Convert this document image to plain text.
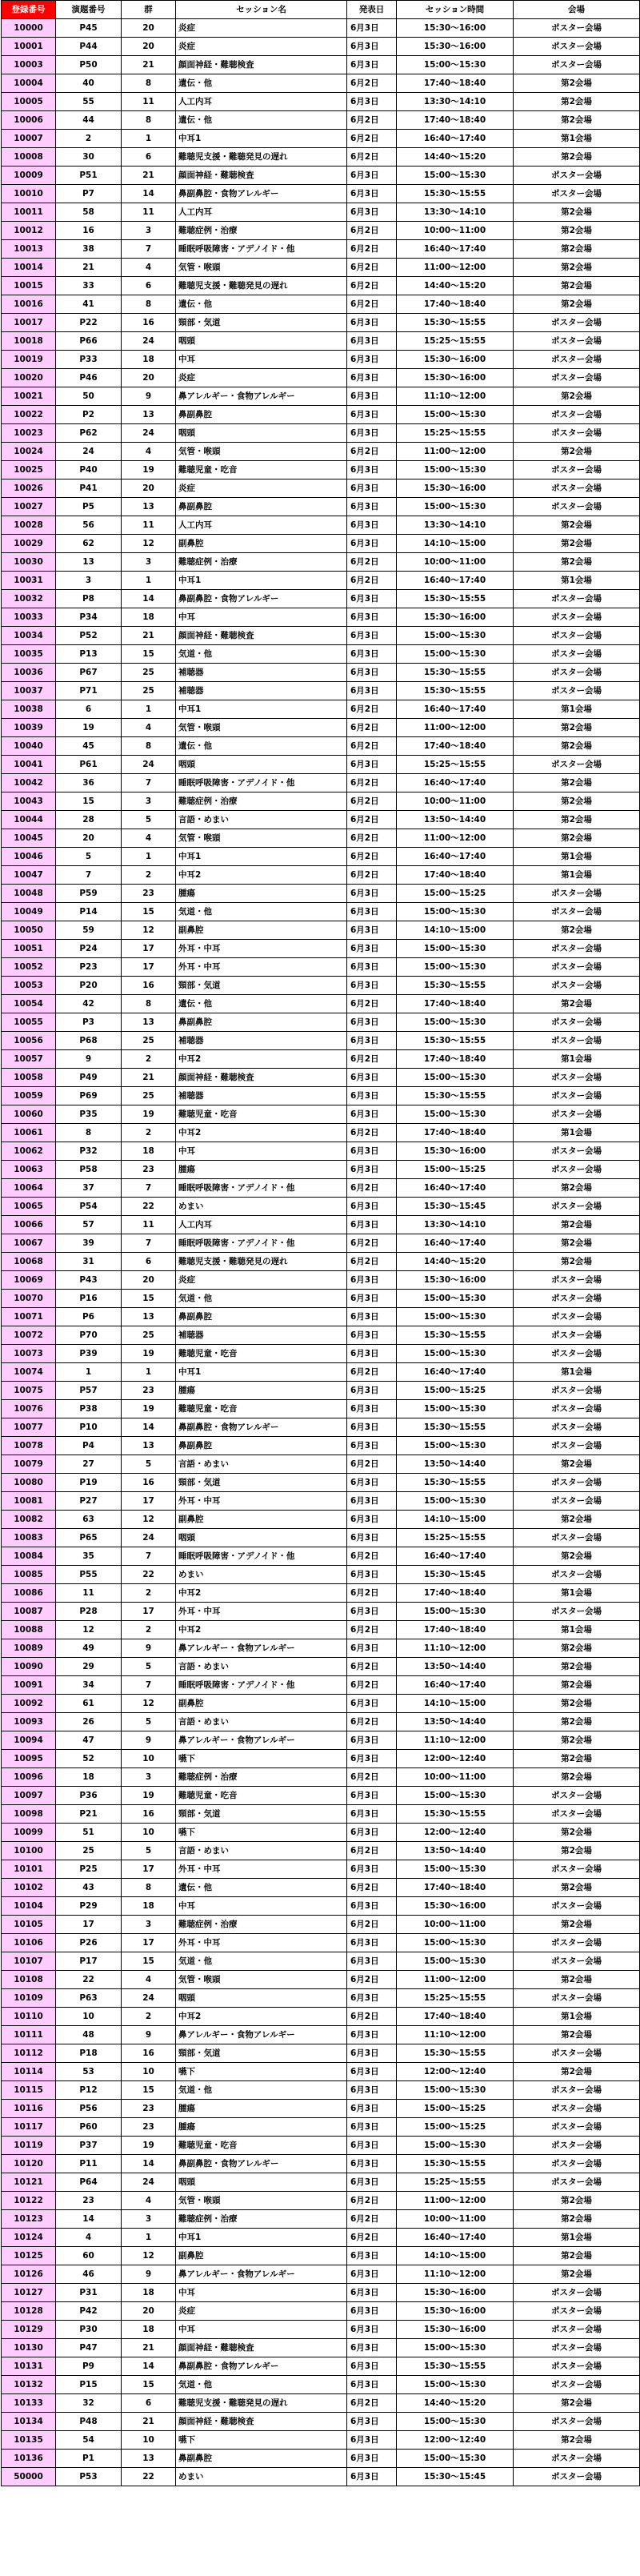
登録番号	演題番号	群	セッション名	発表日	セッション時間	会場
10000	P45	20	炎症	6月3日	15:30〜16:00	ポスター会場
10001	P44	20	炎症	6月3日	15:30〜16:00	ポスター会場
10003	P50	21	顔面神経・難聴検査	6月3日	15:00〜15:30	ポスター会場
10004	40	8	遺伝・他	6月2日	17:40〜18:40	第2会場
10005	55	11	人工内耳	6月3日	13:30〜14:10	第2会場
10006	44	8	遺伝・他	6月2日	17:40〜18:40	第2会場
10007	2	1	中耳1	6月2日	16:40〜17:40	第1会場
10008	30	6	難聴児支援・難聴発見の遅れ	6月2日	14:40〜15:20	第2会場
10009	P51	21	顔面神経・難聴検査	6月3日	15:00〜15:30	ポスター会場
10010	P7	14	鼻副鼻腔・食物アレルギー	6月3日	15:30〜15:55	ポスター会場
10011	58	11	人工内耳	6月3日	13:30〜14:10	第2会場
10012	16	3	難聴症例・治療	6月2日	10:00〜11:00	第2会場
10013	38	7	睡眠呼吸障害・アデノイド・他	6月2日	16:40〜17:40	第2会場
10014	21	4	気管・喉頭	6月2日	11:00〜12:00	第2会場
10015	33	6	難聴児支援・難聴発見の遅れ	6月2日	14:40〜15:20	第2会場
10016	41	8	遺伝・他	6月2日	17:40〜18:40	第2会場
10017	P22	16	頸部・気道	6月3日	15:30〜15:55	ポスター会場
10018	P66	24	咽頭	6月3日	15:25〜15:55	ポスター会場
10019	P33	18	中耳	6月3日	15:30〜16:00	ポスター会場
10020	P46	20	炎症	6月3日	15:30〜16:00	ポスター会場
10021	50	9	鼻アレルギー・食物アレルギー	6月3日	11:10〜12:00	第2会場
10022	P2	13	鼻副鼻腔	6月3日	15:00〜15:30	ポスター会場
10023	P62	24	咽頭	6月3日	15:25〜15:55	ポスター会場
10024	24	4	気管・喉頭	6月2日	11:00〜12:00	第2会場
10025	P40	19	難聴児童・吃音	6月3日	15:00〜15:30	ポスター会場
10026	P41	20	炎症	6月3日	15:30〜16:00	ポスター会場
10027	P5	13	鼻副鼻腔	6月3日	15:00〜15:30	ポスター会場
10028	56	11	人工内耳	6月3日	13:30〜14:10	第2会場
10029	62	12	副鼻腔	6月3日	14:10〜15:00	第2会場
10030	13	3	難聴症例・治療	6月2日	10:00〜11:00	第2会場
10031	3	1	中耳1	6月2日	16:40〜17:40	第1会場
10032	P8	14	鼻副鼻腔・食物アレルギー	6月3日	15:30〜15:55	ポスター会場
10033	P34	18	中耳	6月3日	15:30〜16:00	ポスター会場
10034	P52	21	顔面神経・難聴検査	6月3日	15:00〜15:30	ポスター会場
10035	P13	15	気道・他	6月3日	15:00〜15:30	ポスター会場
10036	P67	25	補聴器	6月3日	15:30〜15:55	ポスター会場
10037	P71	25	補聴器	6月3日	15:30〜15:55	ポスター会場
10038	6	1	中耳1	6月2日	16:40〜17:40	第1会場
10039	19	4	気管・喉頭	6月2日	11:00〜12:00	第2会場
10040	45	8	遺伝・他	6月2日	17:40〜18:40	第2会場
10041	P61	24	咽頭	6月3日	15:25〜15:55	ポスター会場
10042	36	7	睡眠呼吸障害・アデノイド・他	6月2日	16:40〜17:40	第2会場
10043	15	3	難聴症例・治療	6月2日	10:00〜11:00	第2会場
10044	28	5	言語・めまい	6月2日	13:50〜14:40	第2会場
10045	20	4	気管・喉頭	6月2日	11:00〜12:00	第2会場
10046	5	1	中耳1	6月2日	16:40〜17:40	第1会場
10047	7	2	中耳2	6月2日	17:40〜18:40	第1会場
10048	P59	23	腫瘍	6月3日	15:00〜15:25	ポスター会場
10049	P14	15	気道・他	6月3日	15:00〜15:30	ポスター会場
10050	59	12	副鼻腔	6月3日	14:10〜15:00	第2会場
10051	P24	17	外耳・中耳	6月3日	15:00〜15:30	ポスター会場
10052	P23	17	外耳・中耳	6月3日	15:00〜15:30	ポスター会場
10053	P20	16	頸部・気道	6月3日	15:30〜15:55	ポスター会場
10054	42	8	遺伝・他	6月2日	17:40〜18:40	第2会場
10055	P3	13	鼻副鼻腔	6月3日	15:00〜15:30	ポスター会場
10056	P68	25	補聴器	6月3日	15:30〜15:55	ポスター会場
10057	9	2	中耳2	6月2日	17:40〜18:40	第1会場
10058	P49	21	顔面神経・難聴検査	6月3日	15:00〜15:30	ポスター会場
10059	P69	25	補聴器	6月3日	15:30〜15:55	ポスター会場
10060	P35	19	難聴児童・吃音	6月3日	15:00〜15:30	ポスター会場
10061	8	2	中耳2	6月2日	17:40〜18:40	第1会場
10062	P32	18	中耳	6月3日	15:30〜16:00	ポスター会場
10063	P58	23	腫瘍	6月3日	15:00〜15:25	ポスター会場
10064	37	7	睡眠呼吸障害・アデノイド・他	6月2日	16:40〜17:40	第2会場
10065	P54	22	めまい	6月3日	15:30〜15:45	ポスター会場
10066	57	11	人工内耳	6月3日	13:30〜14:10	第2会場
10067	39	7	睡眠呼吸障害・アデノイド・他	6月2日	16:40〜17:40	第2会場
10068	31	6	難聴児支援・難聴発見の遅れ	6月2日	14:40〜15:20	第2会場
10069	P43	20	炎症	6月3日	15:30〜16:00	ポスター会場
10070	P16	15	気道・他	6月3日	15:00〜15:30	ポスター会場
10071	P6	13	鼻副鼻腔	6月3日	15:00〜15:30	ポスター会場
10072	P70	25	補聴器	6月3日	15:30〜15:55	ポスター会場
10073	P39	19	難聴児童・吃音	6月3日	15:00〜15:30	ポスター会場
10074	1	1	中耳1	6月2日	16:40〜17:40	第1会場
10075	P57	23	腫瘍	6月3日	15:00〜15:25	ポスター会場
10076	P38	19	難聴児童・吃音	6月3日	15:00〜15:30	ポスター会場
10077	P10	14	鼻副鼻腔・食物アレルギー	6月3日	15:30〜15:55	ポスター会場
10078	P4	13	鼻副鼻腔	6月3日	15:00〜15:30	ポスター会場
10079	27	5	言語・めまい	6月2日	13:50〜14:40	第2会場
10080	P19	16	頸部・気道	6月3日	15:30〜15:55	ポスター会場
10081	P27	17	外耳・中耳	6月3日	15:00〜15:30	ポスター会場
10082	63	12	副鼻腔	6月3日	14:10〜15:00	第2会場
10083	P65	24	咽頭	6月3日	15:25〜15:55	ポスター会場
10084	35	7	睡眠呼吸障害・アデノイド・他	6月2日	16:40〜17:40	第2会場
10085	P55	22	めまい	6月3日	15:30〜15:45	ポスター会場
10086	11	2	中耳2	6月2日	17:40〜18:40	第1会場
10087	P28	17	外耳・中耳	6月3日	15:00〜15:30	ポスター会場
10088	12	2	中耳2	6月2日	17:40〜18:40	第1会場
10089	49	9	鼻アレルギー・食物アレルギー	6月3日	11:10〜12:00	第2会場
10090	29	5	言語・めまい	6月2日	13:50〜14:40	第2会場
10091	34	7	睡眠呼吸障害・アデノイド・他	6月2日	16:40〜17:40	第2会場
10092	61	12	副鼻腔	6月3日	14:10〜15:00	第2会場
10093	26	5	言語・めまい	6月2日	13:50〜14:40	第2会場
10094	47	9	鼻アレルギー・食物アレルギー	6月3日	11:10〜12:00	第2会場
10095	52	10	嚥下	6月3日	12:00〜12:40	第2会場
10096	18	3	難聴症例・治療	6月2日	10:00〜11:00	第2会場
10097	P36	19	難聴児童・吃音	6月3日	15:00〜15:30	ポスター会場
10098	P21	16	頸部・気道	6月3日	15:30〜15:55	ポスター会場
10099	51	10	嚥下	6月3日	12:00〜12:40	第2会場
10100	25	5	言語・めまい	6月2日	13:50〜14:40	第2会場
10101	P25	17	外耳・中耳	6月3日	15:00〜15:30	ポスター会場
10102	43	8	遺伝・他	6月2日	17:40〜18:40	第2会場
10104	P29	18	中耳	6月3日	15:30〜16:00	ポスター会場
10105	17	3	難聴症例・治療	6月2日	10:00〜11:00	第2会場
10106	P26	17	外耳・中耳	6月3日	15:00〜15:30	ポスター会場
10107	P17	15	気道・他	6月3日	15:00〜15:30	ポスター会場
10108	22	4	気管・喉頭	6月2日	11:00〜12:00	第2会場
10109	P63	24	咽頭	6月3日	15:25〜15:55	ポスター会場
10110	10	2	中耳2	6月2日	17:40〜18:40	第1会場
10111	48	9	鼻アレルギー・食物アレルギー	6月3日	11:10〜12:00	第2会場
10112	P18	16	頸部・気道	6月3日	15:30〜15:55	ポスター会場
10114	53	10	嚥下	6月3日	12:00〜12:40	第2会場
10115	P12	15	気道・他	6月3日	15:00〜15:30	ポスター会場
10116	P56	23	腫瘍	6月3日	15:00〜15:25	ポスター会場
10117	P60	23	腫瘍	6月3日	15:00〜15:25	ポスター会場
10119	P37	19	難聴児童・吃音	6月3日	15:00〜15:30	ポスター会場
10120	P11	14	鼻副鼻腔・食物アレルギー	6月3日	15:30〜15:55	ポスター会場
10121	P64	24	咽頭	6月3日	15:25〜15:55	ポスター会場
10122	23	4	気管・喉頭	6月2日	11:00〜12:00	第2会場
10123	14	3	難聴症例・治療	6月2日	10:00〜11:00	第2会場
10124	4	1	中耳1	6月2日	16:40〜17:40	第1会場
10125	60	12	副鼻腔	6月3日	14:10〜15:00	第2会場
10126	46	9	鼻アレルギー・食物アレルギー	6月3日	11:10〜12:00	第2会場
10127	P31	18	中耳	6月3日	15:30〜16:00	ポスター会場
10128	P42	20	炎症	6月3日	15:30〜16:00	ポスター会場
10129	P30	18	中耳	6月3日	15:30〜16:00	ポスター会場
10130	P47	21	顔面神経・難聴検査	6月3日	15:00〜15:30	ポスター会場
10131	P9	14	鼻副鼻腔・食物アレルギー	6月3日	15:30〜15:55	ポスター会場
10132	P15	15	気道・他	6月3日	15:00〜15:30	ポスター会場
10133	32	6	難聴児支援・難聴発見の遅れ	6月2日	14:40〜15:20	第2会場
10134	P48	21	顔面神経・難聴検査	6月3日	15:00〜15:30	ポスター会場
10135	54	10	嚥下	6月3日	12:00〜12:40	第2会場
10136	P1	13	鼻副鼻腔	6月3日	15:00〜15:30	ポスター会場
50000	P53	22	めまい	6月3日	15:30〜15:45	ポスター会場
